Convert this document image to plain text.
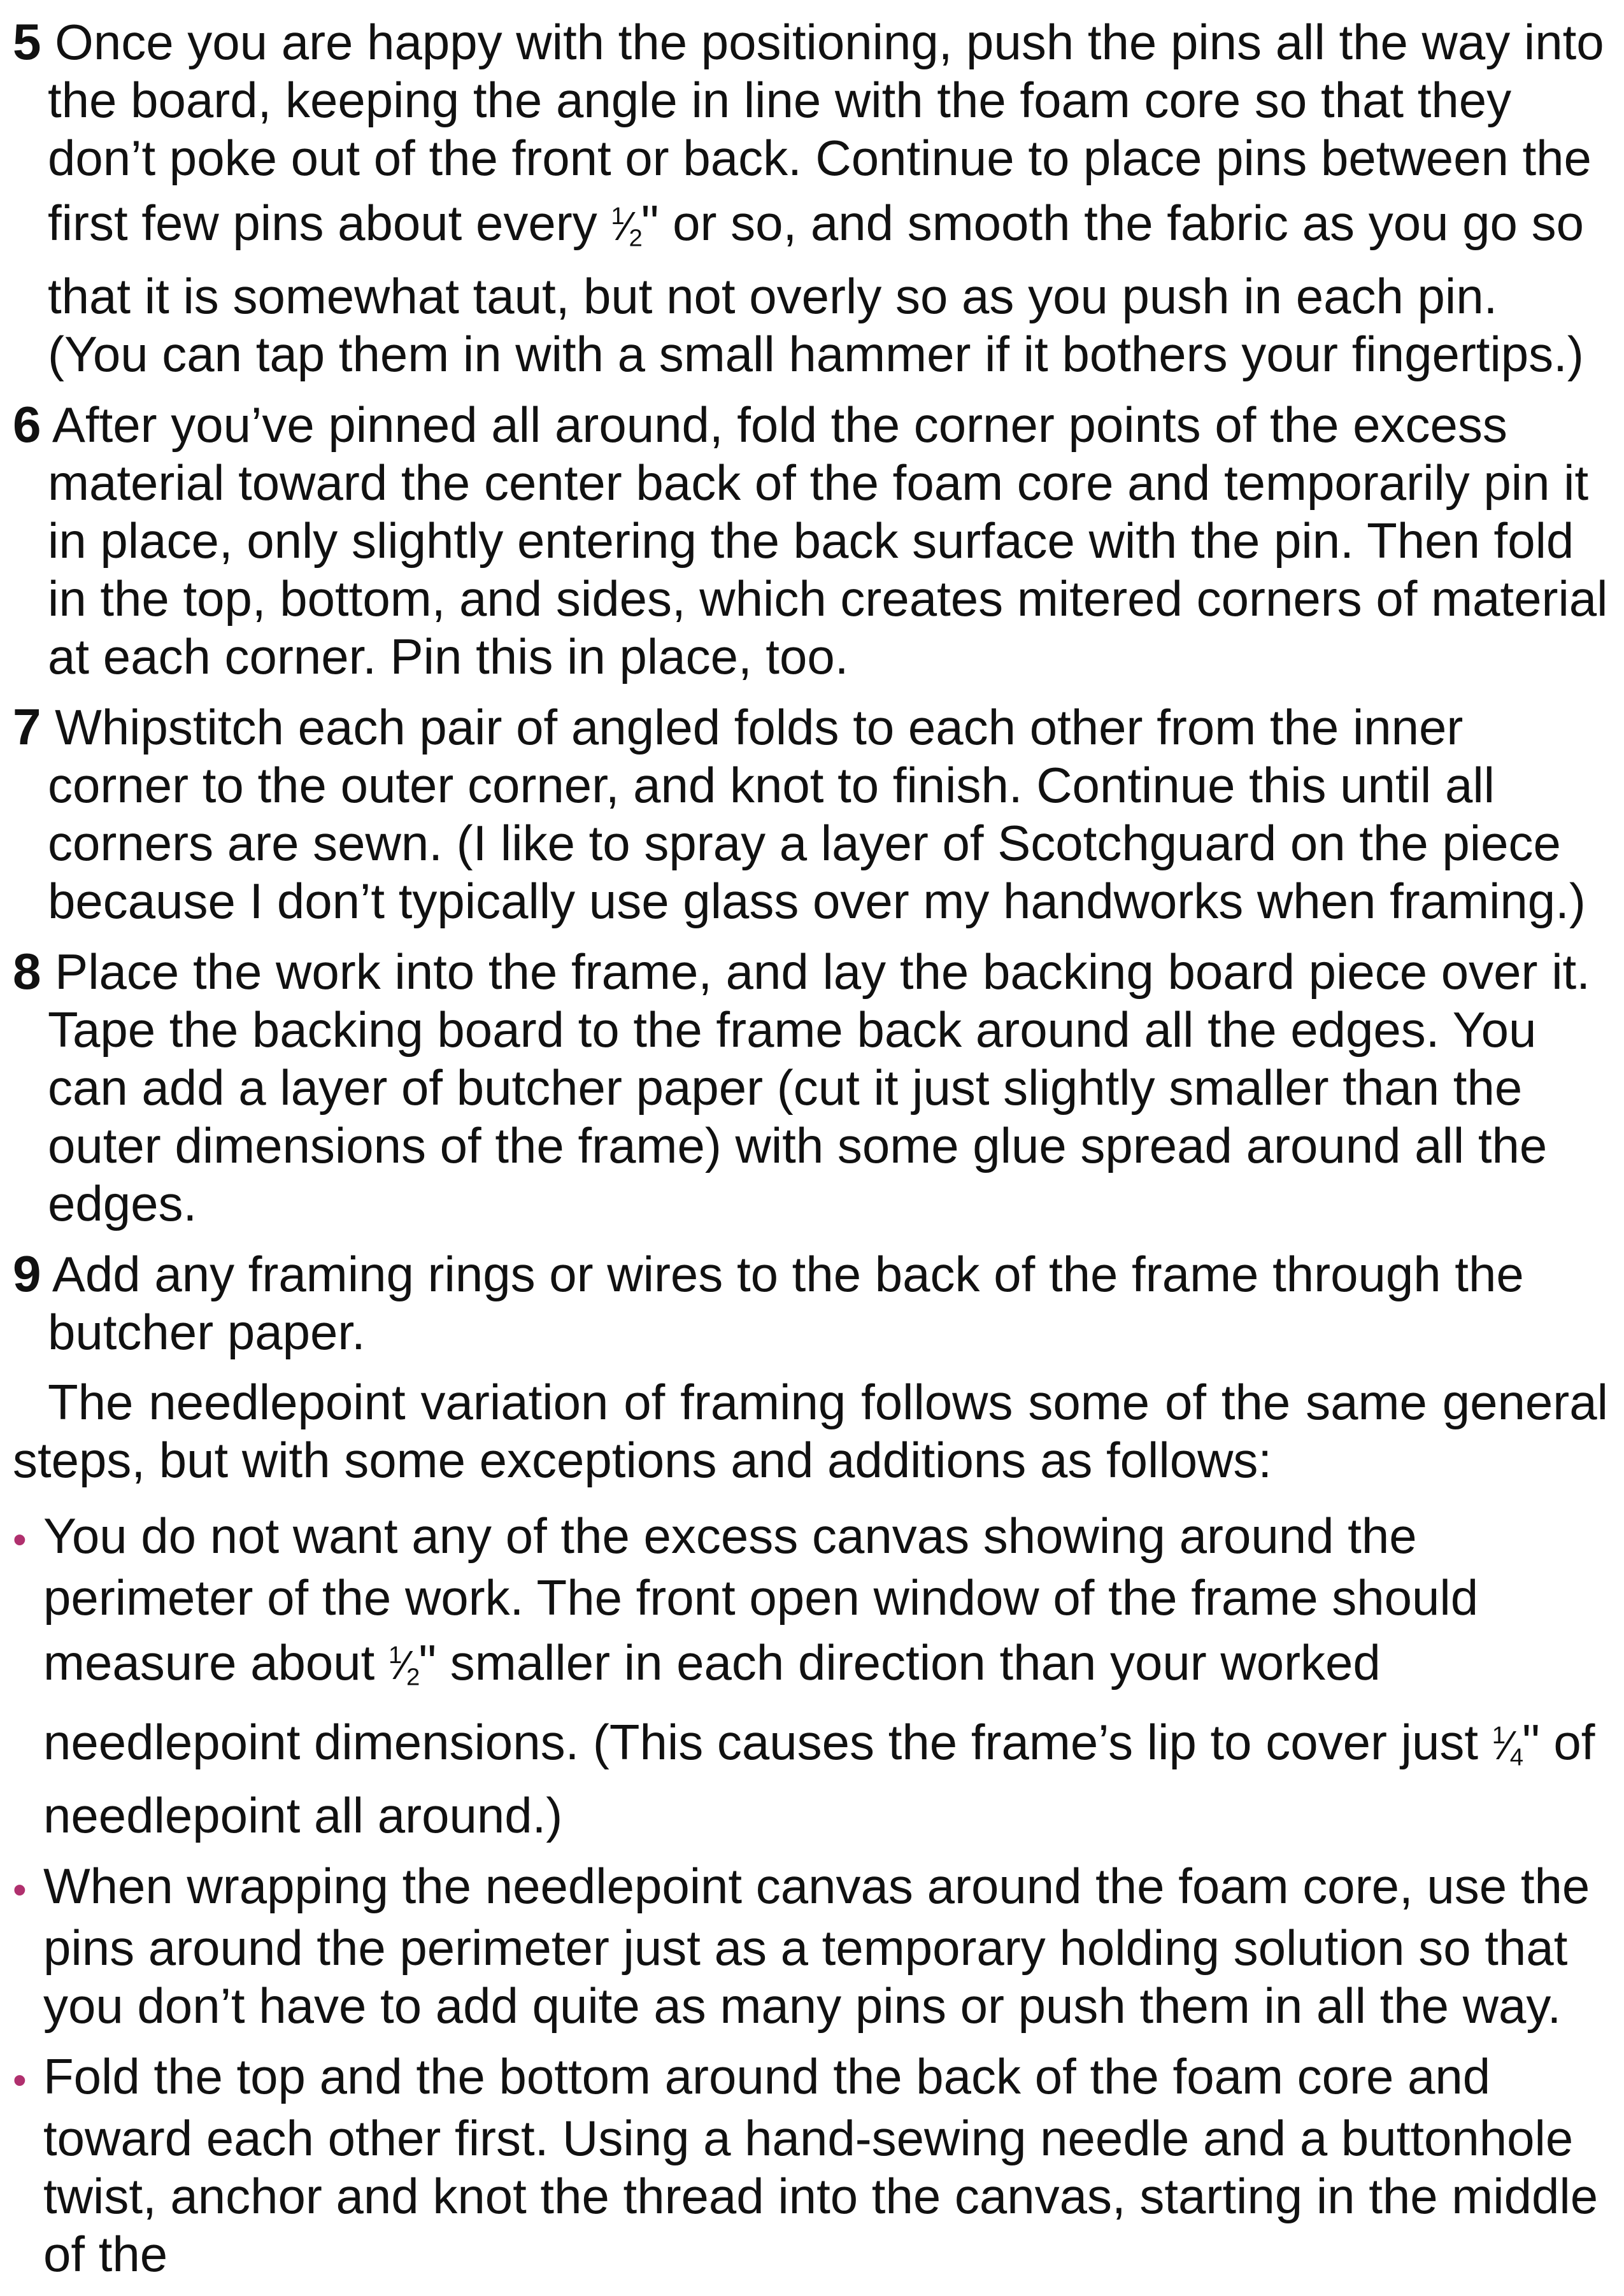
5 Once you are happy with the positioning, push the pins all the way into the board, keeping the angle in line with the foam core so that they don’t poke out of the front or back. Continue to place pins between the first few pins about every $^1⁄_2$" or so, and smooth the fabric as you go so that it is somewhat taut, but not overly so as you push in each pin. (You can tap them in with a small hammer if it bothers your fingertips.)
6 After you’ve pinned all around, fold the corner points of the excess material toward the center back of the foam core and temporarily pin it in place, only slightly entering the back surface with the pin. Then fold in the top, bottom, and sides, which creates mitered corners of material at each corner. Pin this in place, too.
7 Whipstitch each pair of angled folds to each other from the inner corner to the outer corner, and knot to finish. Continue this until all corners are sewn. (I like to spray a layer of Scotchguard on the piece because I don’t typically use glass over my handworks when framing.)
8 Place the work into the frame, and lay the backing board piece over it. Tape the backing board to the frame back around all the edges. You can add a layer of butcher paper (cut it just slightly smaller than the outer dimensions of the frame) with some glue spread around all the edges.
9 Add any framing rings or wires to the back of the frame through the butcher paper.

The needlepoint variation of framing follows some of the same general steps, but with some exceptions and additions as follows:

• You do not want any of the excess canvas showing around the perimeter of the work. The front open window of the frame should measure about $^1⁄_2$" smaller in each direction than your worked needlepoint dimensions. (This causes the frame’s lip to cover just $^1⁄_4$" of needlepoint all around.)
• When wrapping the needlepoint canvas around the foam core, use the pins around the perimeter just as a temporary holding solution so that you don’t have to add quite as many pins or push them in all the way.
• Fold the top and the bottom around the back of the foam core and toward each other first. Using a hand-sewing needle and a buttonhole twist, anchor and knot the thread into the canvas, starting in the middle of the
